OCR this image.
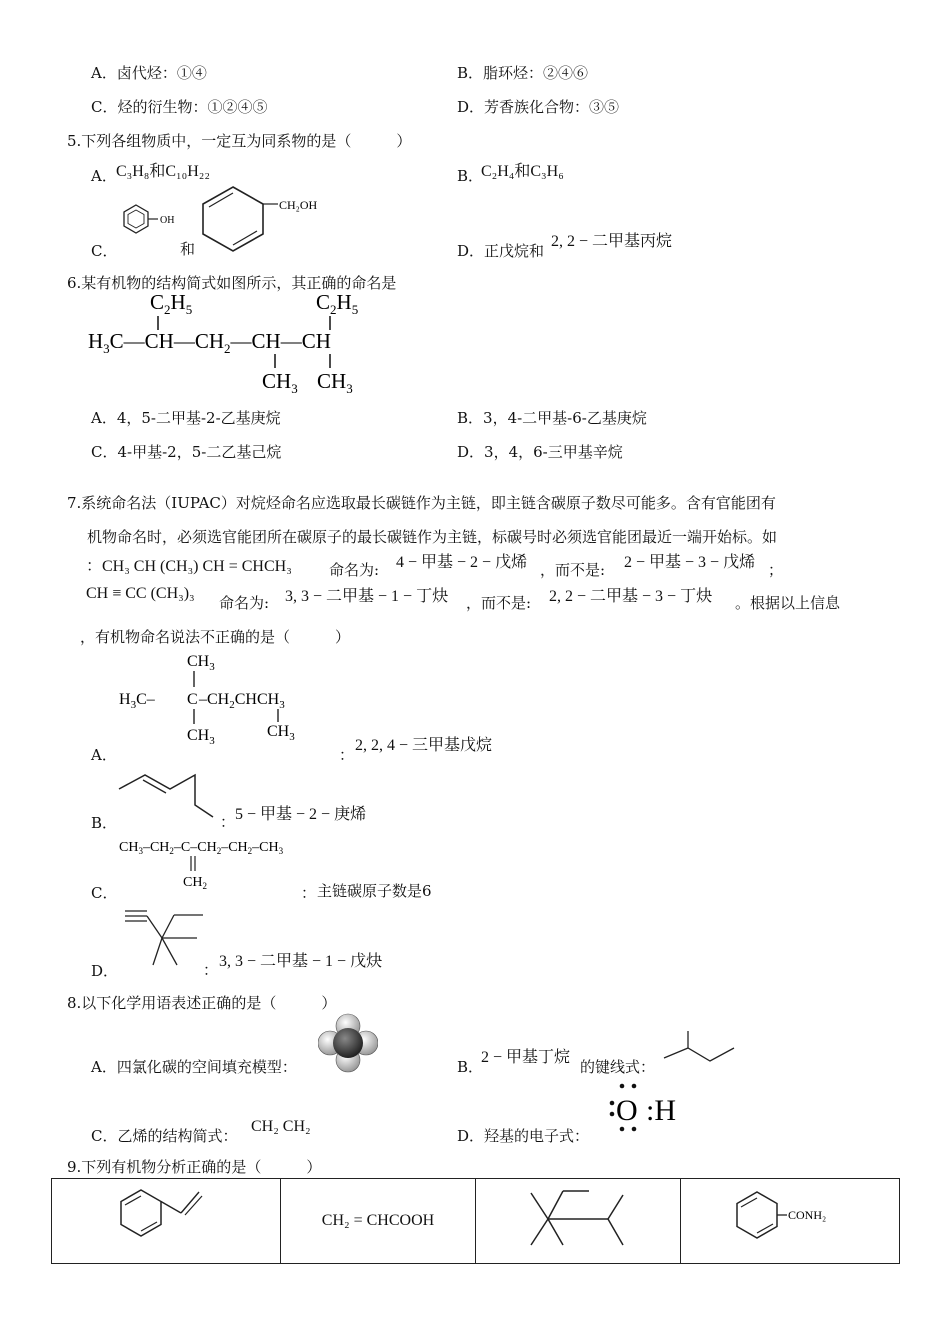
A．卤代烃：①④	B．脂环烃：②④⑥
C．烃的衍生物：①②④⑤	D．芳香族化合物：③⑤
5.下列各组物质中，一定互为同系物的是（　　　）
A． C₃H₈和C₁₀H₂₂	B．
C₂H₄和C₃H₆
C．
OH
和
CH₂OH
D．正戊烷和
2, 2 − 二甲基丙烷
6.某有机物的结构简式如图所示，其正确的命名是
$C_2H_5$	$C_2H_5$
$H_3C—CH—CH_2—CH—CH$
$CH_3$ $CH_3$
A．4，5-二甲基-2-乙基庚烷	B．3，4-二甲基-6-乙基庚烷
C．4-甲基-2，5-二乙基己烷	D．3，4，6-三甲基辛烷
7.系统命名法（IUPAC）对烷烃命名应选取最长碳链作为主链，即主链含碳原子数尽可能多。含有官能团有
机物命名时，必须选官能团所在碳原子的最长碳链作为主链，标碳号时必须选官能团最近一端开始标。如
：CH₃ CH (CH₃) CH = CHCH₃ 命名为: 4 − 甲基 − 2 − 戊烯 ，而不是: 2 − 甲基 − 3 − 戊烯 ；
CH ≡ CC (CH₃)₃
命名为: 3, 3 − 二甲基 − 1 − 丁炔 ，而不是: 2, 2 − 二甲基 − 3 − 丁炔 。根据以上信息
，有机物命名说法不正确的是（　　　）
$CH_3$
$H_3C-$ C $-CH_2CHCH_3$
$CH_3$
$CH_3$
A．	：
2, 2, 4 − 三甲基戊烷
B．	： 5 − 甲基 − 2 − 庚烯
$CH_3-CH_2-C-CH_2-CH_2-CH_3$
$CH_2$
C．	： 主链碳原子数是6
D．	： 3, 3 − 二甲基 − 1 − 戊炔
8.以下化学用语表述正确的是（　　　）
A．四氯化碳的空间填充模型：	B．
2 − 甲基丁烷
的键线式：
C．乙烯的结构简式：
CH₂ CH₂
D．羟基的电子式：
O :H
9.下列有机物分析正确的是（　　　）
	CH₂ = CHCOOH		CONH₂
